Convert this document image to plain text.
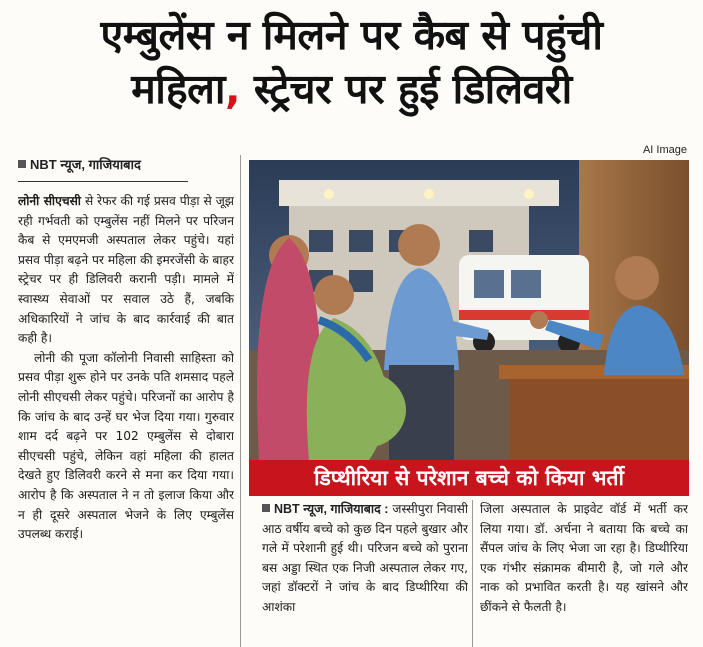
एम्बुलेंस न मिलने पर कैब से पहुंची
महिला, स्ट्रेचर पर हुई डिलिवरी
AI Image
NBT न्यूज, गाजियाबाद

लोनी सीएचसी से रेफर की गई प्रसव पीड़ा से जूझ रही गर्भवती को एम्बुलेंस नहीं मिलने पर परिजन कैब से एमएमजी अस्पताल लेकर पहुंचे। यहां प्रसव पीड़ा बढ़ने पर महिला की इमरजेंसी के बाहर स्ट्रेचर पर ही डिलिवरी करानी पड़ी। मामले में स्वास्थ्य सेवाओं पर सवाल उठे हैं, जबकि अधिकारियों ने जांच के बाद कार्रवाई की बात कही है।

लोनी की पूजा कॉलोनी निवासी साहिस्ता को प्रसव पीड़ा शुरू होने पर उनके पति शमसाद पहले लोनी सीएचसी लेकर पहुंचे। परिजनों का आरोप है कि जांच के बाद उन्हें घर भेज दिया गया। गुरुवार शाम दर्द बढ़ने पर 102 एम्बुलेंस से दोबारा सीएचसी पहुंचे, लेकिन वहां महिला की हालत देखते हुए डिलिवरी करने से मना कर दिया गया। आरोप है कि अस्पताल ने न तो इलाज किया और न ही दूसरे अस्पताल भेजने के लिए एम्बुलेंस उपलब्ध कराई।

डिप्थीरिया से परेशान बच्चे को किया भर्ती

NBT न्यूज, गाजियाबाद : जस्सीपुरा निवासी आठ वर्षीय बच्चे को कुछ दिन पहले बुखार और गले में परेशानी हुई थी। परिजन बच्चे को पुराना बस अड्डा स्थित एक निजी अस्पताल लेकर गए, जहां डॉक्टरों ने जांच के बाद डिप्थीरिया की आशंका

जिला अस्पताल के प्राइवेट वॉर्ड में भर्ती कर लिया गया। डॉ. अर्चना ने बताया कि बच्चे का सैंपल जांच के लिए भेजा जा रहा है। डिप्थीरिया एक गंभीर संक्रामक बीमारी है, जो गले और नाक को प्रभावित करती है। यह खांसने और छींकने से फैलती है।
